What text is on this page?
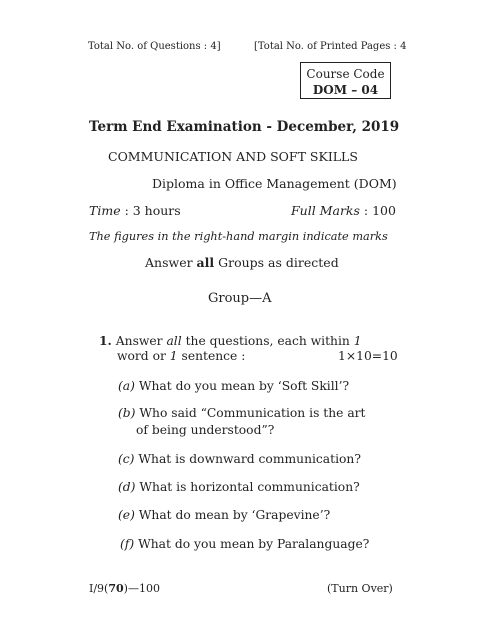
Total No. of Questions : 4]	[Total No. of Printed Pages : 4
Course Code
DOM – 04
Term End Examination - December, 2019
COMMUNICATION AND SOFT SKILLS
Diploma in Office Management (DOM)
Time : 3 hours	Full Marks : 100
The figures in the right-hand margin indicate marks
Answer all Groups as directed
Group—A
1. Answer all the questions, each within 1
word or 1 sentence :	1×10=10
(a) What do you mean by ‘Soft Skill’?
(b) Who said “Communication is the art
of being understood”?
(c) What is downward communication?
(d) What is horizontal communication?
(e) What do mean by ‘Grapevine’?
(f) What do you mean by Paralanguage?
I/9(70)—100	(Turn Over)
